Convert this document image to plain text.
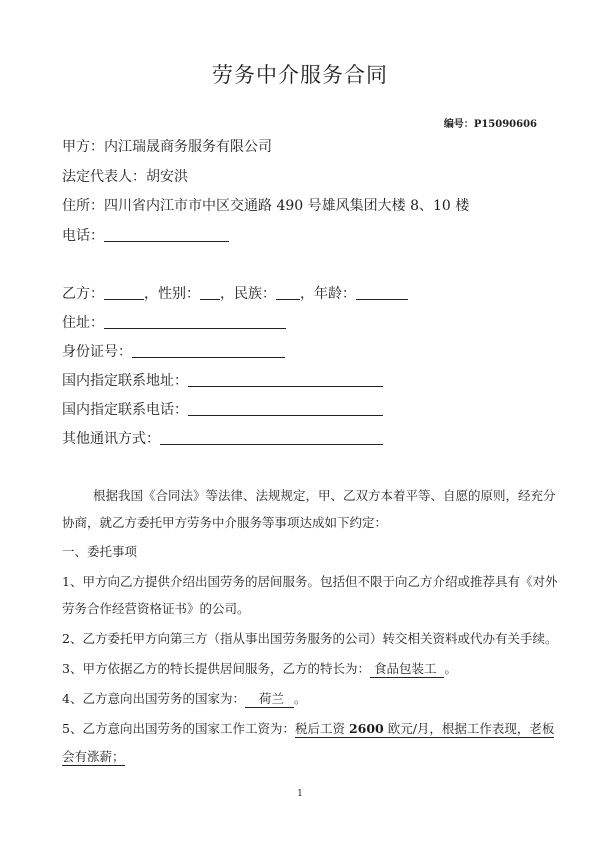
劳务中介服务合同
编号：P15090606
甲方：内江瑞晟商务服务有限公司
法定代表人：胡安洪
住所：四川省内江市市中区交通路 490 号雄风集团大楼 8、10 楼
电话：
乙方：	，性别： ，民族： ，年龄：
住址：
身份证号：
国内指定联系地址：
国内指定联系电话：
其他通讯方式：
根据我国《合同法》等法律、法规规定，甲、乙双方本着平等、自愿的原则，经充分
协商，就乙方委托甲方劳务中介服务等事项达成如下约定：
一、委托事项
1、甲方向乙方提供介绍出国劳务的居间服务。包括但不限于向乙方介绍或推荐具有《对外
劳务合作经营资格证书》的公司。
2、乙方委托甲方向第三方（指从事出国劳务服务的公司）转交相关资料或代办有关手续。
3、甲方依据乙方的特长提供居间服务，乙方的特长为： 食品包装工 。
4、乙方意向出国劳务的国家为： 荷兰 。
5、乙方意向出国劳务的国家工作工资为：税后工资 2600 欧元/月，根据工作表现，老板
会有涨薪；
1
